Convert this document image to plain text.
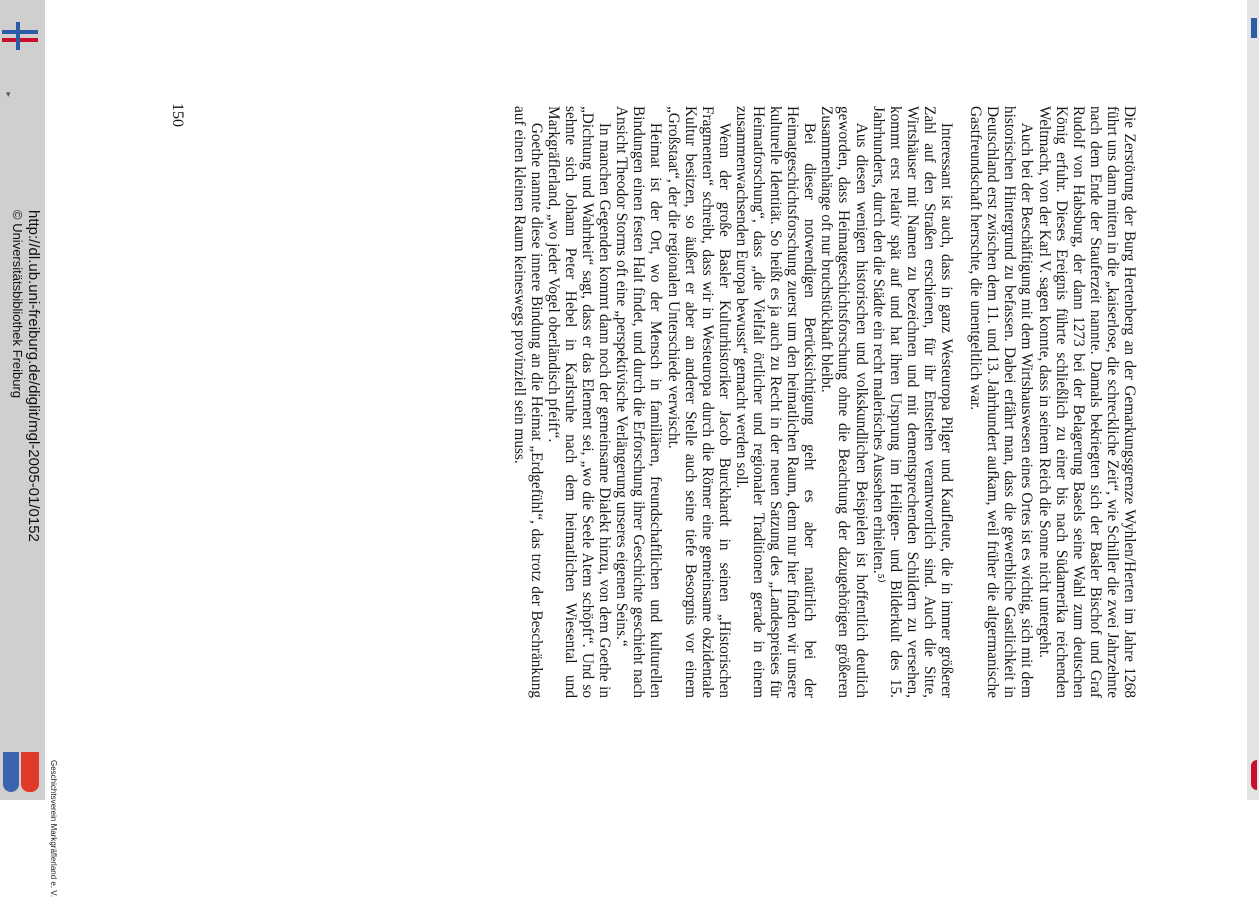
▾
http://dl.ub.uni-freiburg.de/diglit/mgl-2005-01/0152
© Universitätsbibliothek Freiburg
Geschichtsverein Markgräflerland e. V.
150	Die Zerstörung der Burg Hertenberg an der Gemarkungsgrenze Wyhlen/Herten im Jahre 1268 führt uns dann mitten in die „kaiserlose, die schreckliche Zeit“, wie Schiller die zwei Jahrzehnte nach dem Ende der Stauferzeit nannte. Damals bekriegten sich der Basler Bischof und Graf Rudolf von Habsburg, der dann 1273 bei der Belagerung Basels seine Wahl zum deutschen König erfuhr. Dieses Ereignis führte schließlich zu einer bis nach Südamerika reichenden Weltmacht, von der Karl V. sagen konnte, dass in seinem Reich die Sonne nicht untergeht.

Auch bei der Beschäftigung mit dem Wirtshauswesen eines Ortes ist es wichtig, sich mit dem historischen Hintergrund zu befassen. Dabei erfährt man, dass die gewerbliche Gastlichkeit in Deutschland erst zwischen dem 11. und 13. Jahrhundert aufkam, weil früher die altgermanische Gastfreundschaft herrschte, die unentgeltlich war.

Interessant ist auch, dass in ganz Westeuropa Pilger und Kaufleute, die in immer größerer Zahl auf den Straßen erschienen, für ihr Entstehen verantwortlich sind. Auch die Sitte, Wirtshäuser mit Namen zu bezeichnen und mit dementsprechenden Schildern zu versehen, kommt erst relativ spät auf und hat ihren Ursprung im Heiligen- und Bilderkult des 15. Jahrhunderts, durch den die Städte ein recht malerisches Aussehen erhielten.⁵⁾

Aus diesen wenigen historischen und volkskundlichen Beispielen ist hoffentlich deutlich geworden, dass Heimatgeschichtsforschung ohne die Beachtung der dazugehörigen größeren Zusammenhänge oft nur bruchstückhaft bleibt.

Bei dieser notwendigen Berücksichtigung geht es aber natürlich bei der Heimatgeschichtsforschung zuerst um den heimatlichen Raum, denn nur hier finden wir unsere kulturelle Identität. So heißt es ja auch zu Recht in der neuen Satzung des „Landespreises für Heimatforschung“, dass „die Vielfalt örtlicher und regionaler Traditionen gerade in einem zusammenwachsenden Europa bewusst“ gemacht werden soll.

Wenn der große Basler Kulturhistoriker Jacob Burckhardt in seinen „Historischen Fragmenten“ schreibt, dass wir in Westeuropa durch die Römer eine gemeinsame okzidentale Kultur besitzen, so äußert er aber an anderer Stelle auch seine tiefe Besorgnis vor einem „Großstaat“, der die regionalen Unterschiede verwischt.

Heimat ist der Ort, wo der Mensch in familiären, freundschaftlichen und kulturellen Bindungen einen festen Halt findet, und durch die Erforschung ihrer Geschichte geschieht nach Ansicht Theodor Storms oft eine „perspektivische Verlängerung unseres eigenen Seins.“

In manchen Gegenden kommt dann noch der gemeinsame Dialekt hinzu, von dem Goethe in „Dichtung und Wahrheit“ sagt, dass er das Element sei, „wo die Seele Atem schöpft“. Und so sehnte sich Johann Peter Hebel in Karlsruhe nach dem heimatlichen Wiesental und Markgräflerland, „wo jeder Vogel oberländisch pfeift“.

Goethe nannte diese innere Bindung an die Heimat „Erdgefühl“, das trotz der Beschränkung auf einen kleinen Raum keineswegs provinziell sein muss.
